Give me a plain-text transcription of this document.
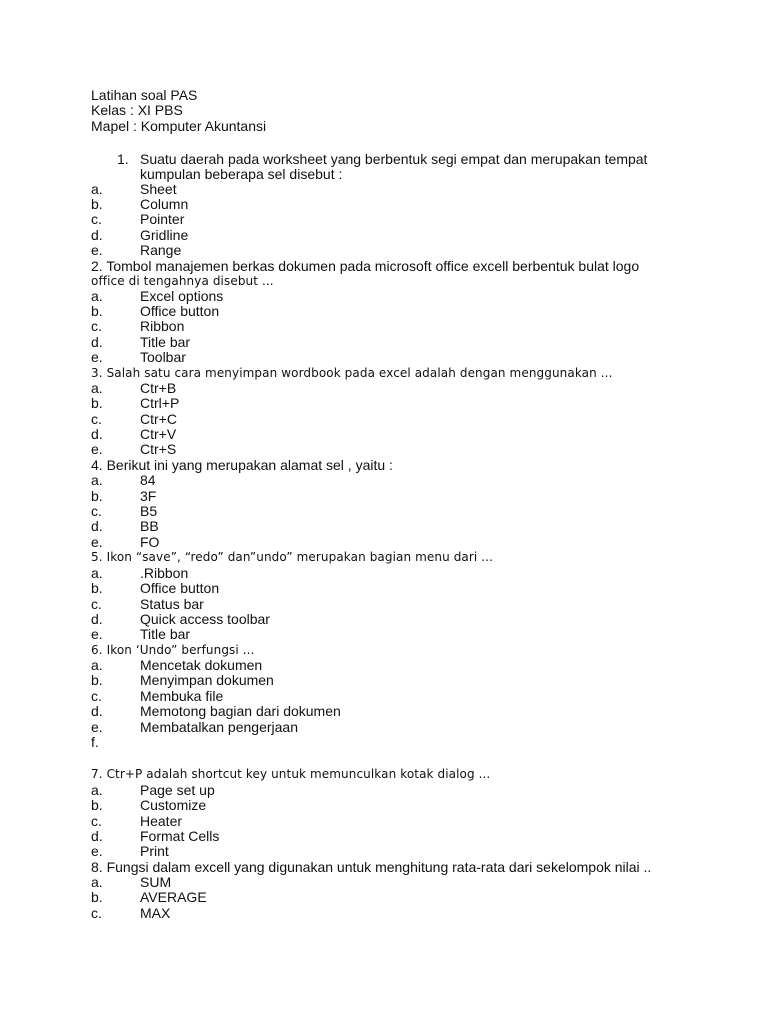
Latihan soal PAS
Kelas : XI PBS
Mapel : Komputer Akuntansi
1. Suatu daerah pada worksheet yang berbentuk segi empat dan merupakan tempat
kumpulan beberapa sel disebut :
a.	Sheet
b.	Column
c.	Pointer
d.	Gridline
e.	Range
2. Tombol manajemen berkas dokumen pada microsoft office excell berbentuk bulat logo
office di tengahnya disebut ...
a.	Excel options
b.	Office button
c.	Ribbon
d.	Title bar
e.	Toolbar
3. Salah satu cara menyimpan wordbook pada excel adalah dengan menggunakan ...
a.	Ctr+B
b.	Ctrl+P
c.	Ctr+C
d.	Ctr+V
e.	Ctr+S
4. Berikut ini yang merupakan alamat sel , yaitu :
a.	84
b.	3F
c.	B5
d.	BB
e.	FO
5. Ikon “save”, “redo” dan”undo” merupakan bagian menu dari ...
a.	.Ribbon
b.	Office button
c.	Status bar
d.	Quick access toolbar
e.	Title bar
6. Ikon ‘Undo” berfungsi ...
a.	Mencetak dokumen
b.	Menyimpan dokumen
c.	Membuka file
d.	Memotong bagian dari dokumen
e.	Membatalkan pengerjaan
f.
7. Ctr+P adalah shortcut key untuk memunculkan kotak dialog ...
a.	Page set up
b.	Customize
c.	Heater
d.	Format Cells
e.	Print
8. Fungsi dalam excell yang digunakan untuk menghitung rata-rata dari sekelompok nilai ..
a.	SUM
b.	AVERAGE
c.	MAX
